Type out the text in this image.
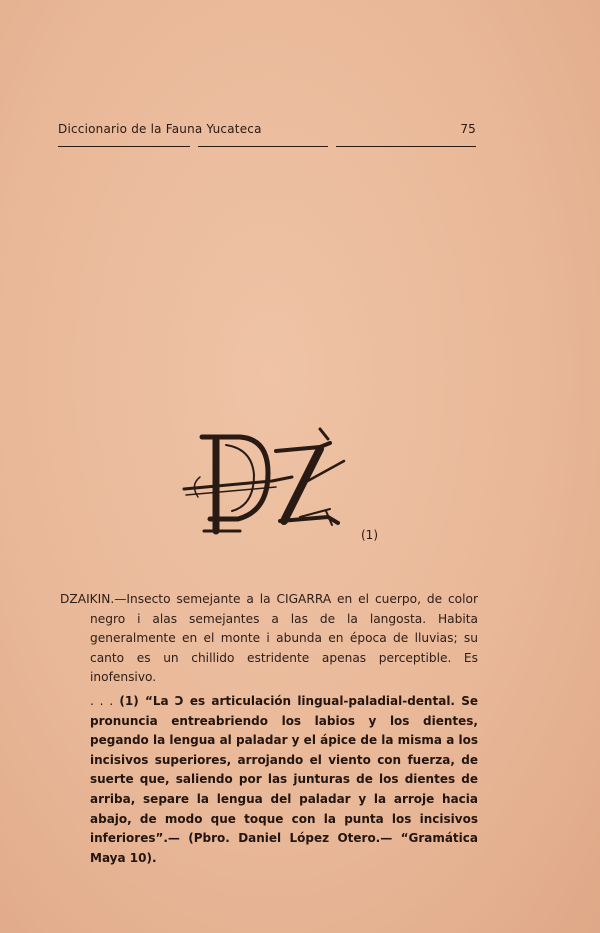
Diccionario de la Fauna Yucateca	75
(1)

DZAIKIN.—Insecto semejante a la CIGARRA en el cuerpo, de color negro i alas semejantes a las de la langosta. Habita generalmente en el monte i abunda en época de lluvias; su canto es un chillido estridente apenas perceptible. Es inofensivo.

. . . (1) “La Ↄ es articulación lingual-paladial-dental. Se pronuncia entreabriendo los labios y los dientes, pegando la lengua al paladar y el ápice de la misma a los incisivos superiores, arrojando el viento con fuerza, de suerte que, saliendo por las junturas de los dientes de arriba, separe la lengua del paladar y la arroje hacia abajo, de modo que toque con la punta los incisivos inferiores”.— (Pbro. Daniel López Otero.— “Gramática Maya 10).
